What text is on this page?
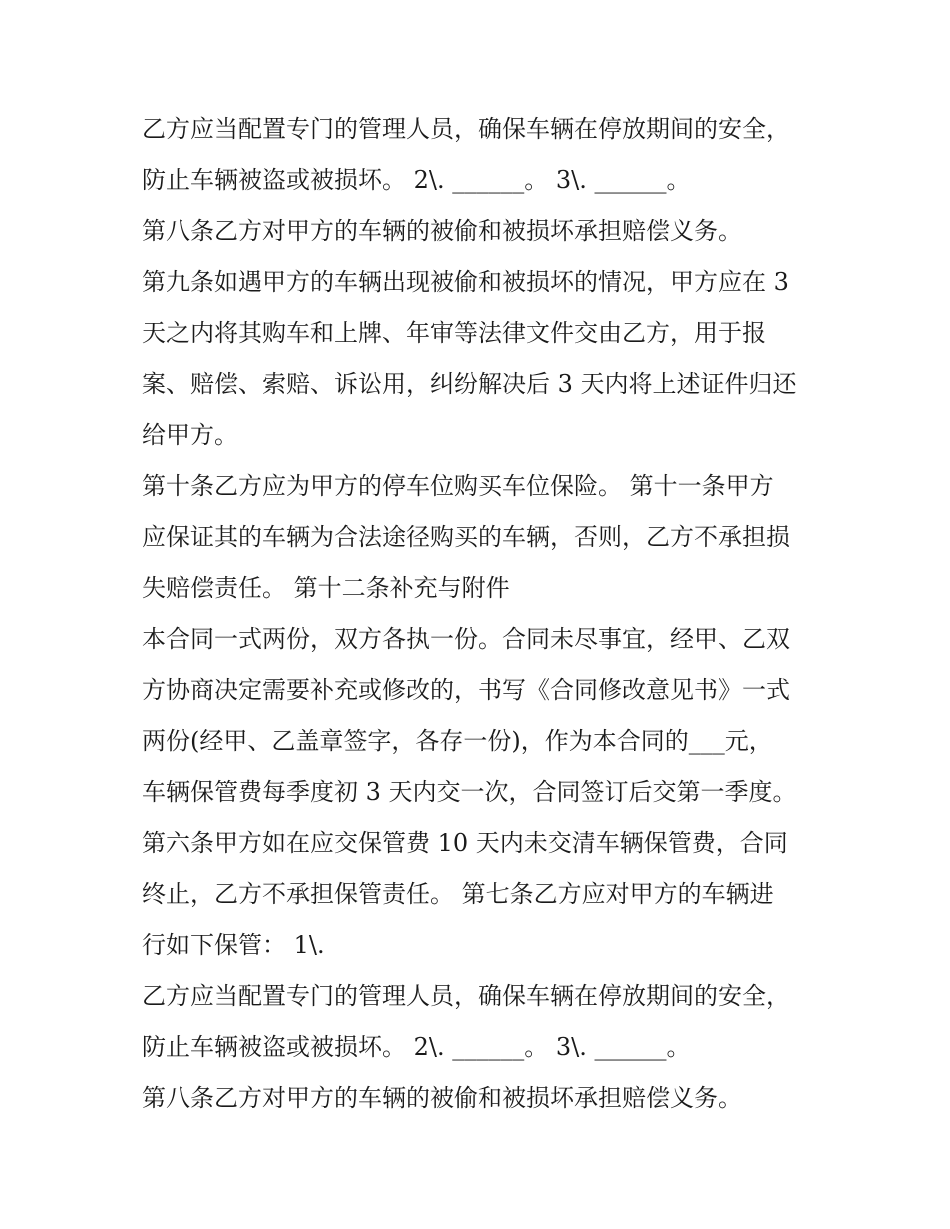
乙方应当配置专门的管理人员，确保车辆在停放期间的安全，
防止车辆被盗或被损坏。 2\. ______。 3\. ______。
第八条乙方对甲方的车辆的被偷和被损坏承担赔偿义务。
第九条如遇甲方的车辆出现被偷和被损坏的情况，甲方应在 3
天之内将其购车和上牌、年审等法律文件交由乙方，用于报
案、赔偿、索赔、诉讼用，纠纷解决后 3 天内将上述证件归还
给甲方。
第十条乙方应为甲方的停车位购买车位保险。 第十一条甲方
应保证其的车辆为合法途径购买的车辆，否则，乙方不承担损
失赔偿责任。 第十二条补充与附件
本合同一式两份，双方各执一份。合同未尽事宜，经甲、乙双
方协商决定需要补充或修改的，书写《合同修改意见书》一式
两份(经甲、乙盖章签字，各存一份)，作为本合同的___元，
车辆保管费每季度初 3 天内交一次，合同签订后交第一季度。
第六条甲方如在应交保管费 10 天内未交清车辆保管费，合同
终止，乙方不承担保管责任。 第七条乙方应对甲方的车辆进
行如下保管： 1\.
乙方应当配置专门的管理人员，确保车辆在停放期间的安全，
防止车辆被盗或被损坏。 2\. ______。 3\. ______。
第八条乙方对甲方的车辆的被偷和被损坏承担赔偿义务。
